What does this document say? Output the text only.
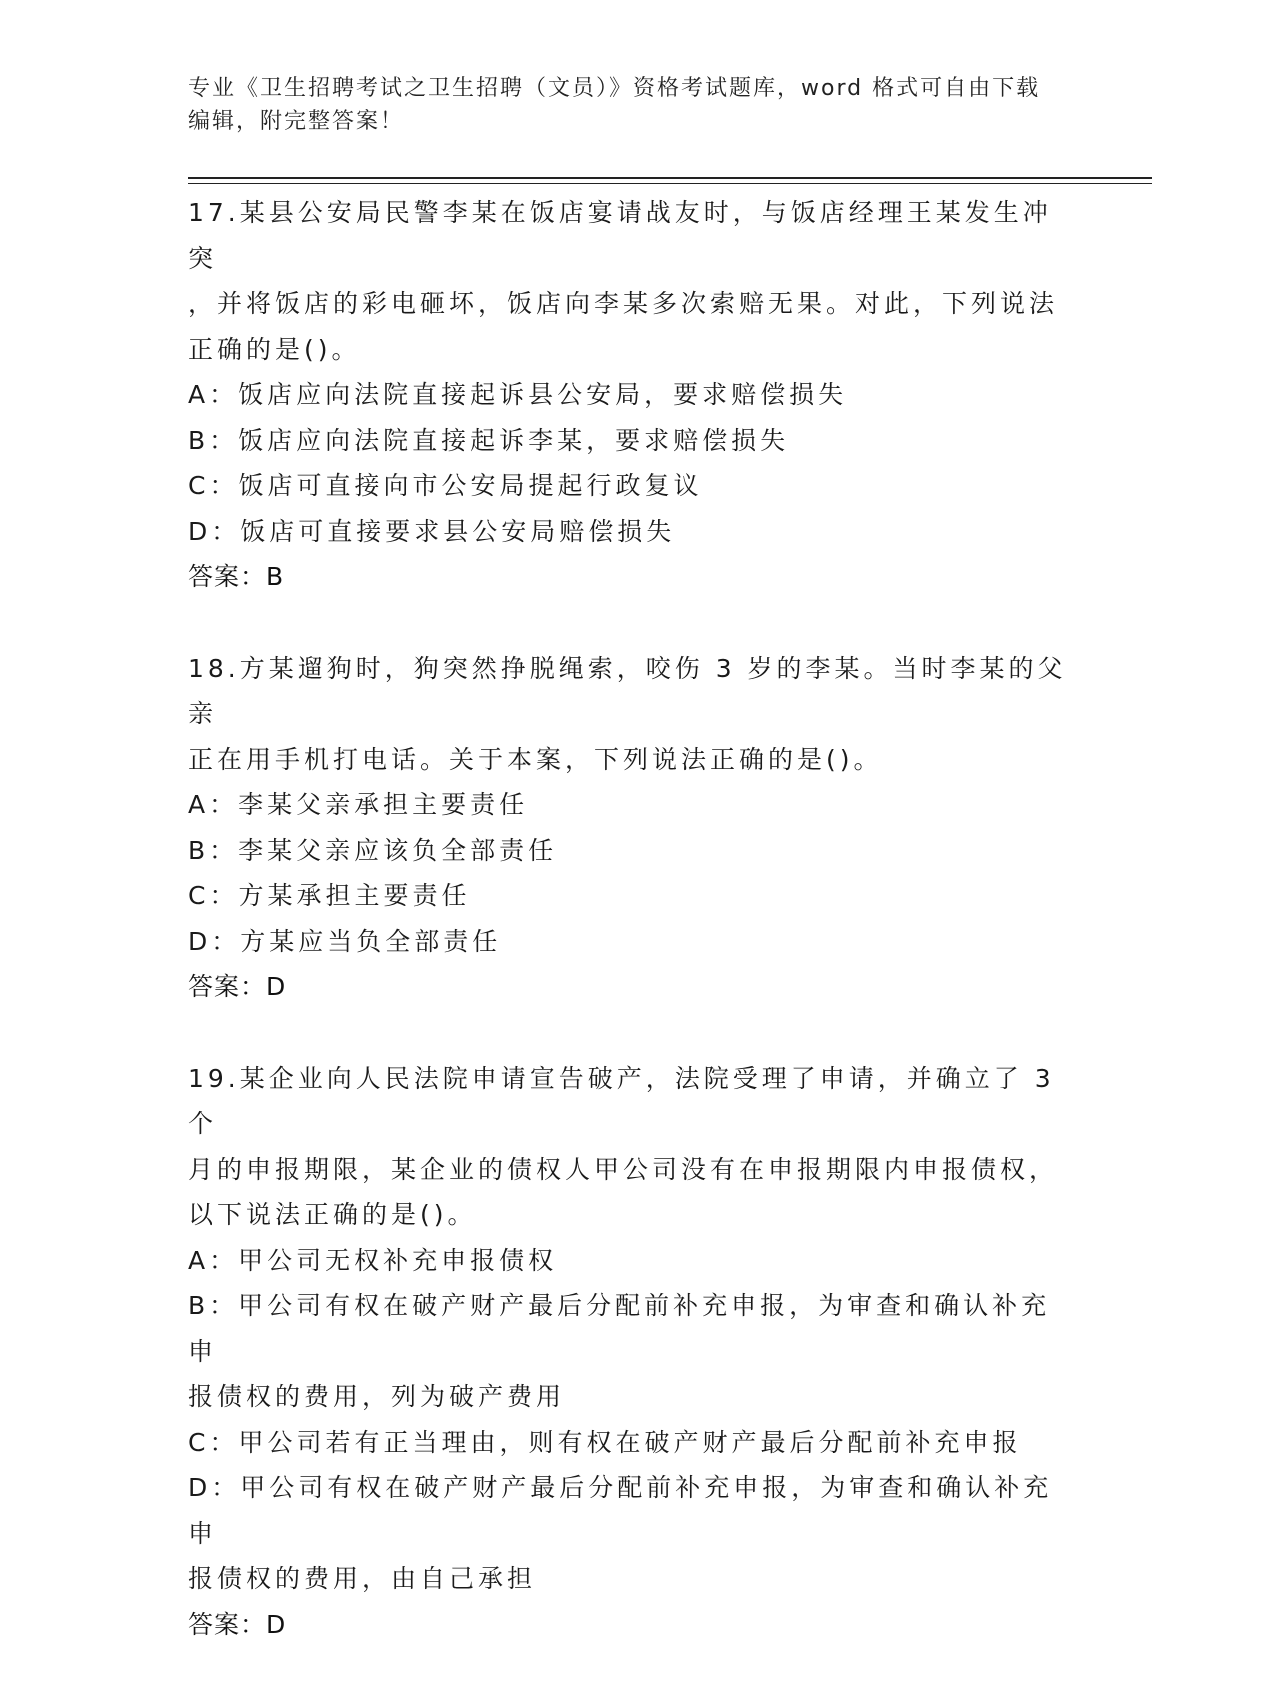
专业《卫生招聘考试之卫生招聘（文员）》资格考试题库，word 格式可自由下载
编辑，附完整答案！
17.某县公安局民警李某在饭店宴请战友时，与饭店经理王某发生冲突
，并将饭店的彩电砸坏，饭店向李某多次索赔无果。对此，下列说法
正确的是()。
A：饭店应向法院直接起诉县公安局，要求赔偿损失
B：饭店应向法院直接起诉李某，要求赔偿损失
C：饭店可直接向市公安局提起行政复议
D：饭店可直接要求县公安局赔偿损失
答案：B
18.方某遛狗时，狗突然挣脱绳索，咬伤 3 岁的李某。当时李某的父亲
正在用手机打电话。关于本案，下列说法正确的是()。
A：李某父亲承担主要责任
B：李某父亲应该负全部责任
C：方某承担主要责任
D：方某应当负全部责任
答案：D
19.某企业向人民法院申请宣告破产，法院受理了申请，并确立了 3 个
月的申报期限，某企业的债权人甲公司没有在申报期限内申报债权，
以下说法正确的是()。
A：甲公司无权补充申报债权
B：甲公司有权在破产财产最后分配前补充申报，为审查和确认补充申
报债权的费用，列为破产费用
C：甲公司若有正当理由，则有权在破产财产最后分配前补充申报
D：甲公司有权在破产财产最后分配前补充申报，为审查和确认补充申
报债权的费用，由自己承担
答案：D
